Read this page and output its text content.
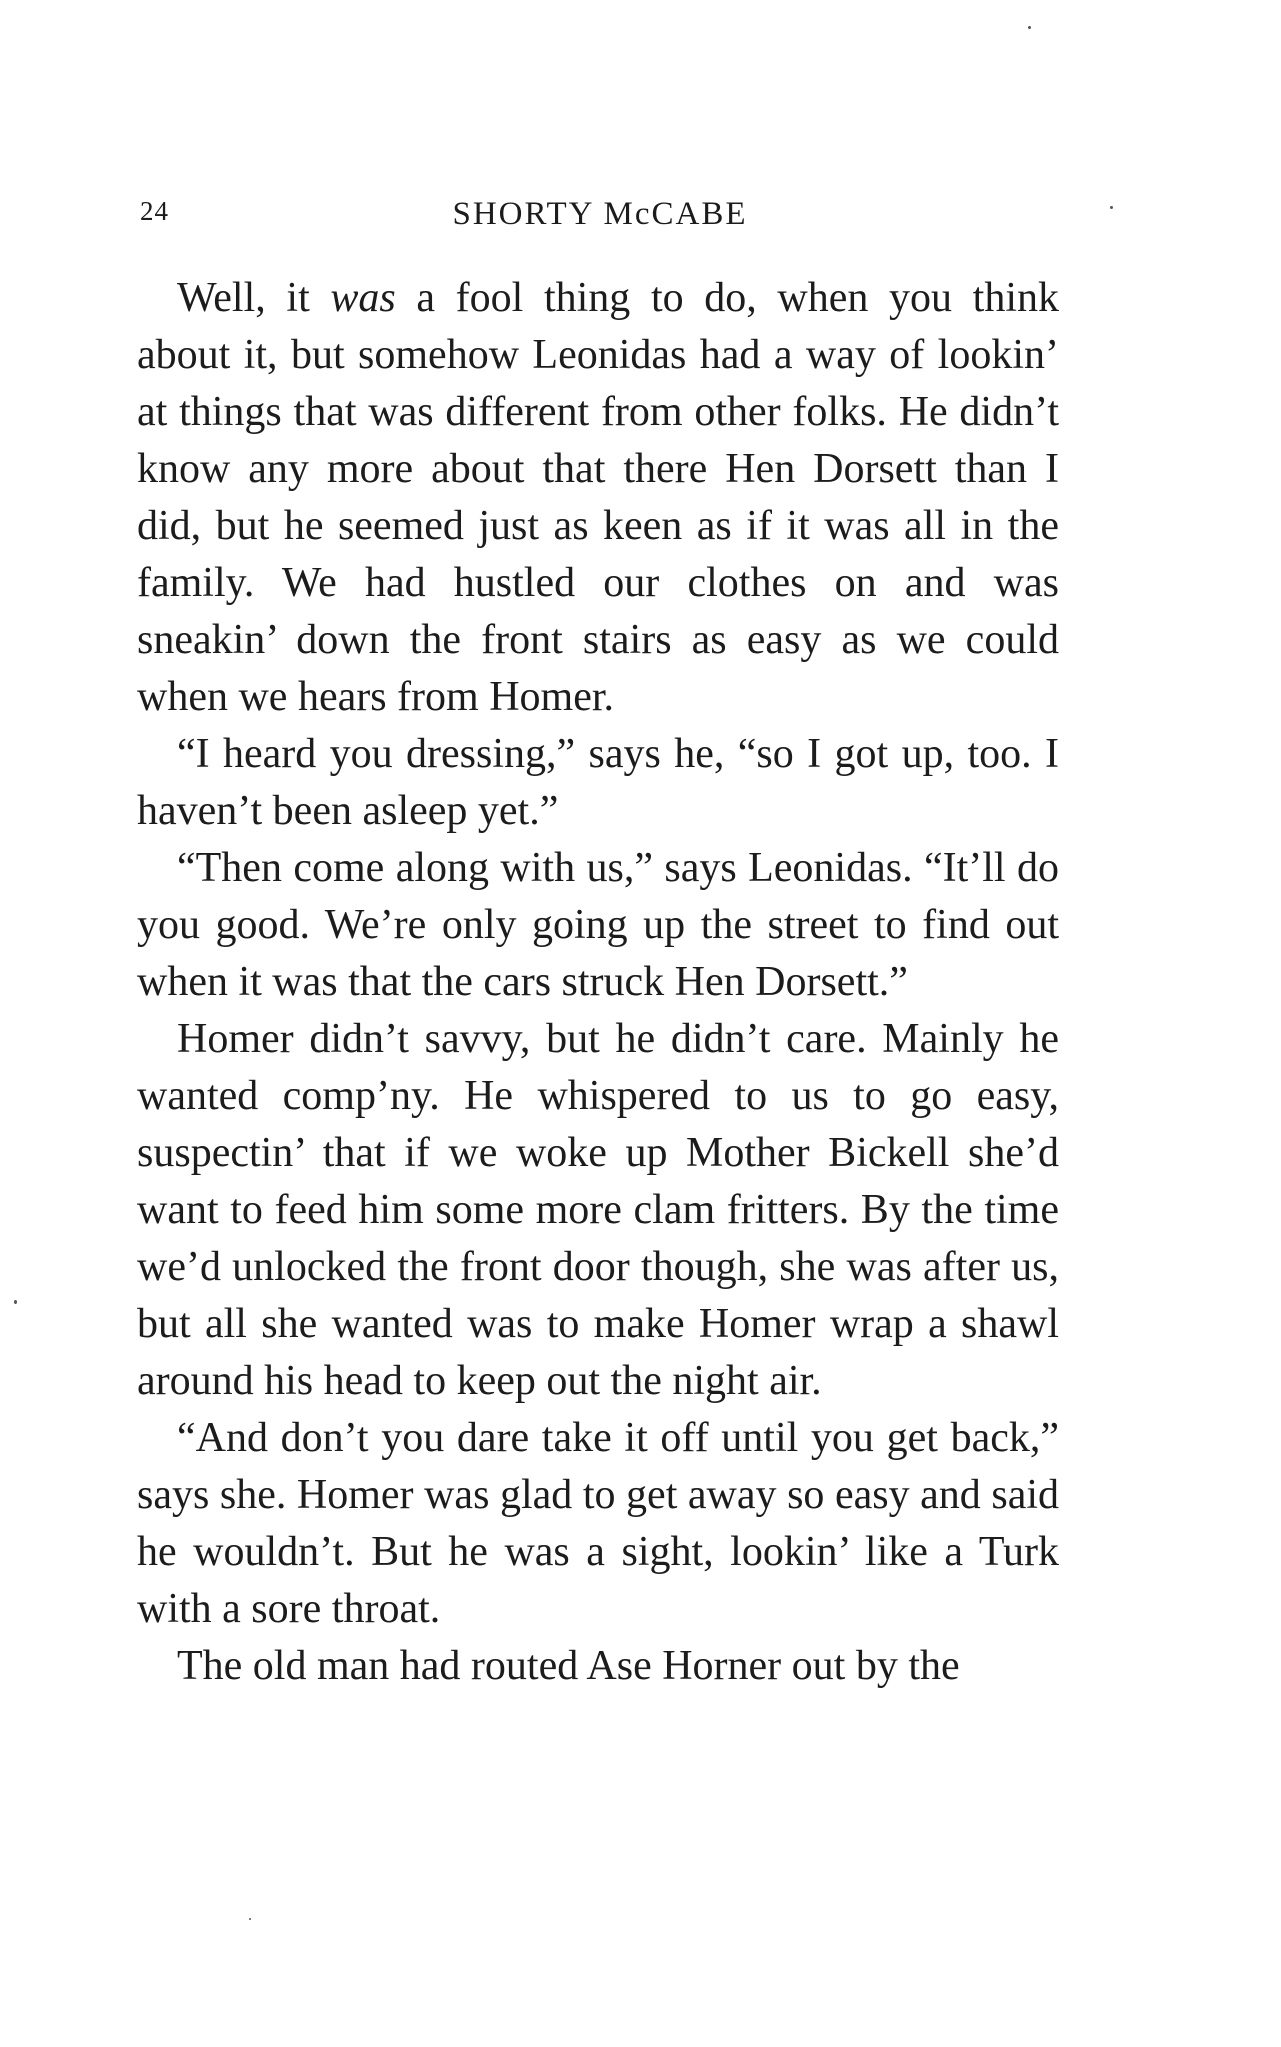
24	SHORTY McCABE

Well, it was a fool thing to do, when you think about it, but somehow Leonidas had a way of lookin’ at things that was different from other folks. He didn’t know any more about that there Hen Dorsett than I did, but he seemed just as keen as if it was all in the family. We had hustled our clothes on and was sneakin’ down the front stairs as easy as we could when we hears from Homer.

“I heard you dressing,” says he, “so I got up, too. I haven’t been asleep yet.”

“Then come along with us,” says Leonidas. “It’ll do you good. We’re only going up the street to find out when it was that the cars struck Hen Dorsett.”

Homer didn’t savvy, but he didn’t care. Mainly he wanted comp’ny. He whispered to us to go easy, suspectin’ that if we woke up Mother Bickell she’d want to feed him some more clam fritters. By the time we’d unlocked the front door though, she was after us, but all she wanted was to make Homer wrap a shawl around his head to keep out the night air.

“And don’t you dare take it off until you get back,” says she. Homer was glad to get away so easy and said he wouldn’t. But he was a sight, lookin’ like a Turk with a sore throat.

The old man had routed Ase Horner out by the
